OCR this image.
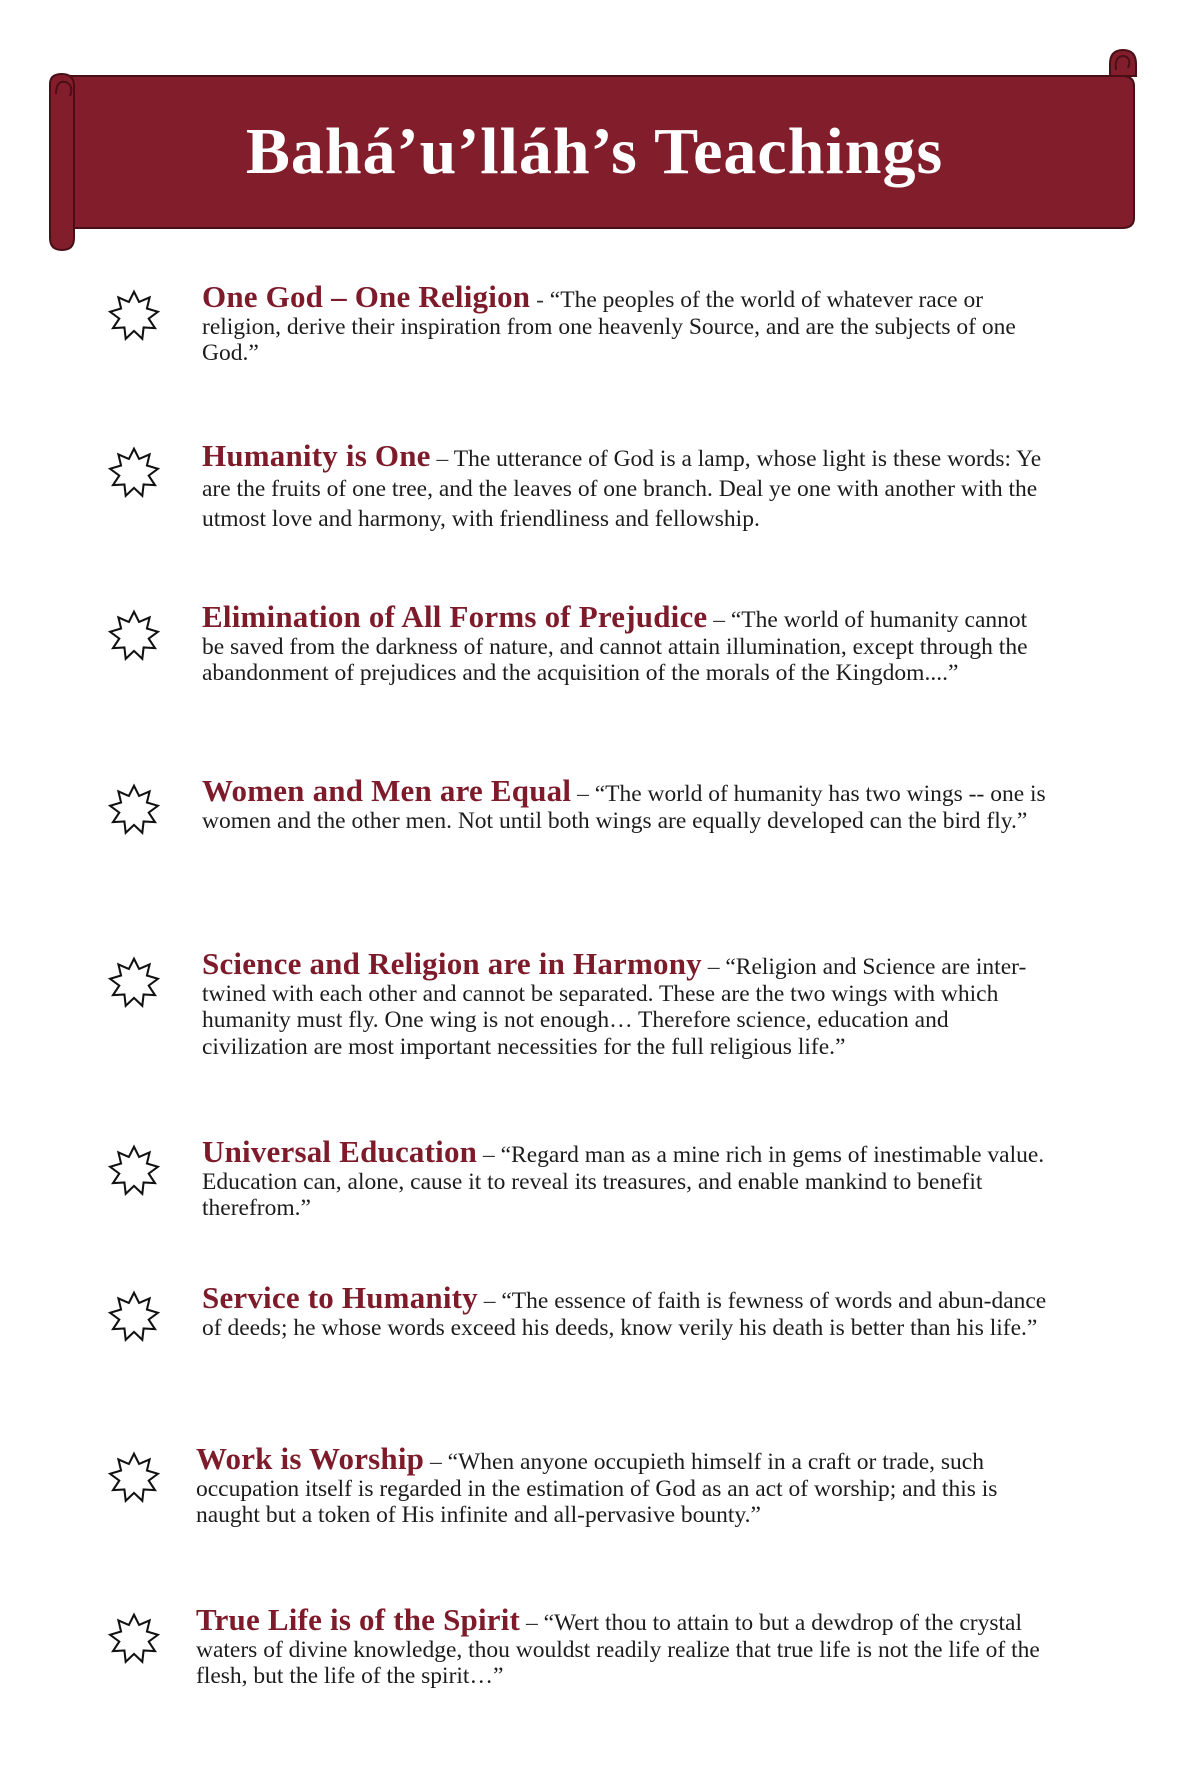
Bahá’u’lláh’s Teachings
One God – One Religion - “The peoples of the world of whatever race or religion, derive their inspiration from one heavenly Source, and are the subjects of one God.”
Humanity is One – The utterance of God is a lamp, whose light is these words: Ye are the fruits of one tree, and the leaves of one branch. Deal ye one with another with the utmost love and harmony, with friendliness and fellowship.
Elimination of All Forms of Prejudice – “The world of humanity cannot be saved from the darkness of nature, and cannot attain illumination, except through the abandonment of prejudices and the acquisition of the morals of the Kingdom....”
Women and Men are Equal – “The world of humanity has two wings -- one is women and the other men. Not until both wings are equally developed can the bird fly.”
Science and Religion are in Harmony – “Religion and Science are inter-twined with each other and cannot be separated. These are the two wings with which humanity must fly. One wing is not enough… Therefore science, education and civilization are most important necessities for the full religious life.”
Universal Education – “Regard man as a mine rich in gems of inestimable value. Education can, alone, cause it to reveal its treasures, and enable mankind to benefit therefrom.”
Service to Humanity – “The essence of faith is fewness of words and abun-dance of deeds; he whose words exceed his deeds, know verily his death is better than his life.”
Work is Worship – “When anyone occupieth himself in a craft or trade, such occupation itself is regarded in the estimation of God as an act of worship; and this is naught but a token of His infinite and all-pervasive bounty.”
True Life is of the Spirit – “Wert thou to attain to but a dewdrop of the crystal waters of divine knowledge, thou wouldst readily realize that true life is not the life of the flesh, but the life of the spirit…”
